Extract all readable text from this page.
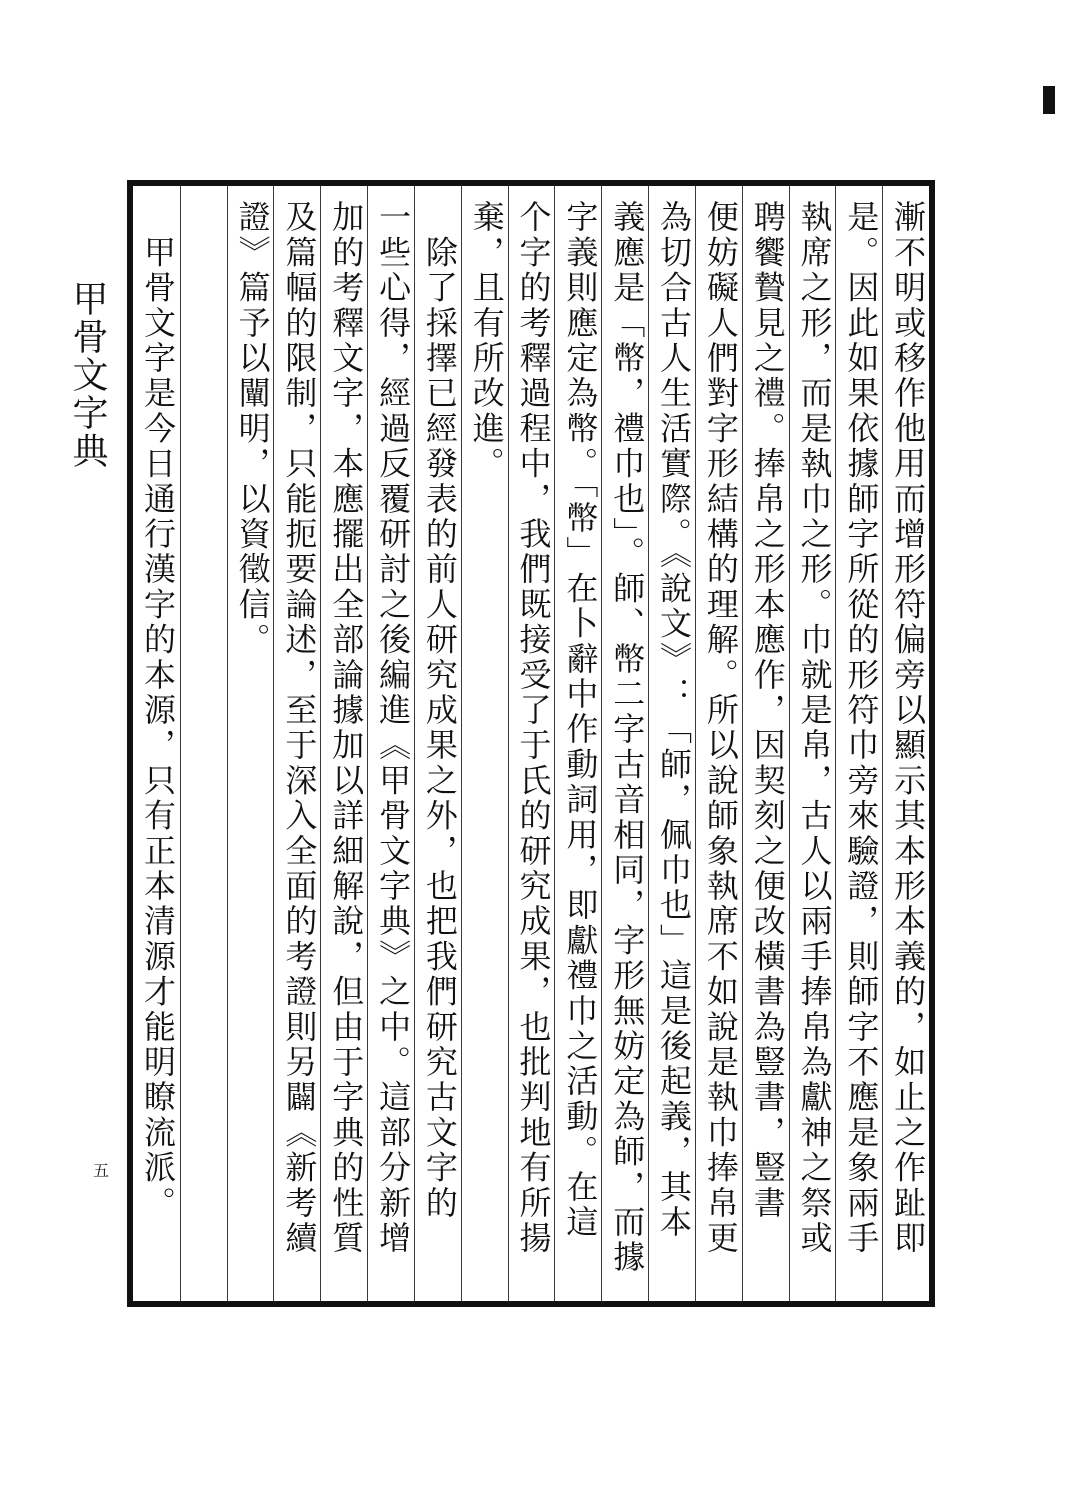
甲骨文字典
五	漸不明或移作他用而增形符偏旁以顯示其本形本義的，如止之作趾即
是。因此如果依據師字所從的形符巾旁來驗證，則師字不應是象兩手
執席之形，而是執巾之形。巾就是帛，古人以兩手捧帛為獻神之祭或
聘饗贄見之禮。捧帛之形本應作，因契刻之便改橫書為豎書，豎書
便妨礙人們對字形結構的理解。所以說師象執席不如說是執巾捧帛更
為切合古人生活實際。《說文》：「師，佩巾也」這是後起義，其本
義應是「幣，禮巾也」。師、幣二字古音相同，字形無妨定為師，而據
字義則應定為幣。「幣」在卜辭中作動詞用，即獻禮巾之活動。在這
个字的考釋過程中，我們既接受了于氏的研究成果，也批判地有所揚
棄，且有所改進。
　除了採擇已經發表的前人研究成果之外，也把我們研究古文字的
一些心得，經過反覆研討之後編進《甲骨文字典》之中。這部分新增
加的考釋文字，本應擺出全部論據加以詳細解說，但由于字典的性質
及篇幅的限制，只能扼要論述，至于深入全面的考證則另闢《新考續
證》篇予以闡明，以資徵信。
　甲骨文字是今日通行漢字的本源，只有正本清源才能明瞭流派。
